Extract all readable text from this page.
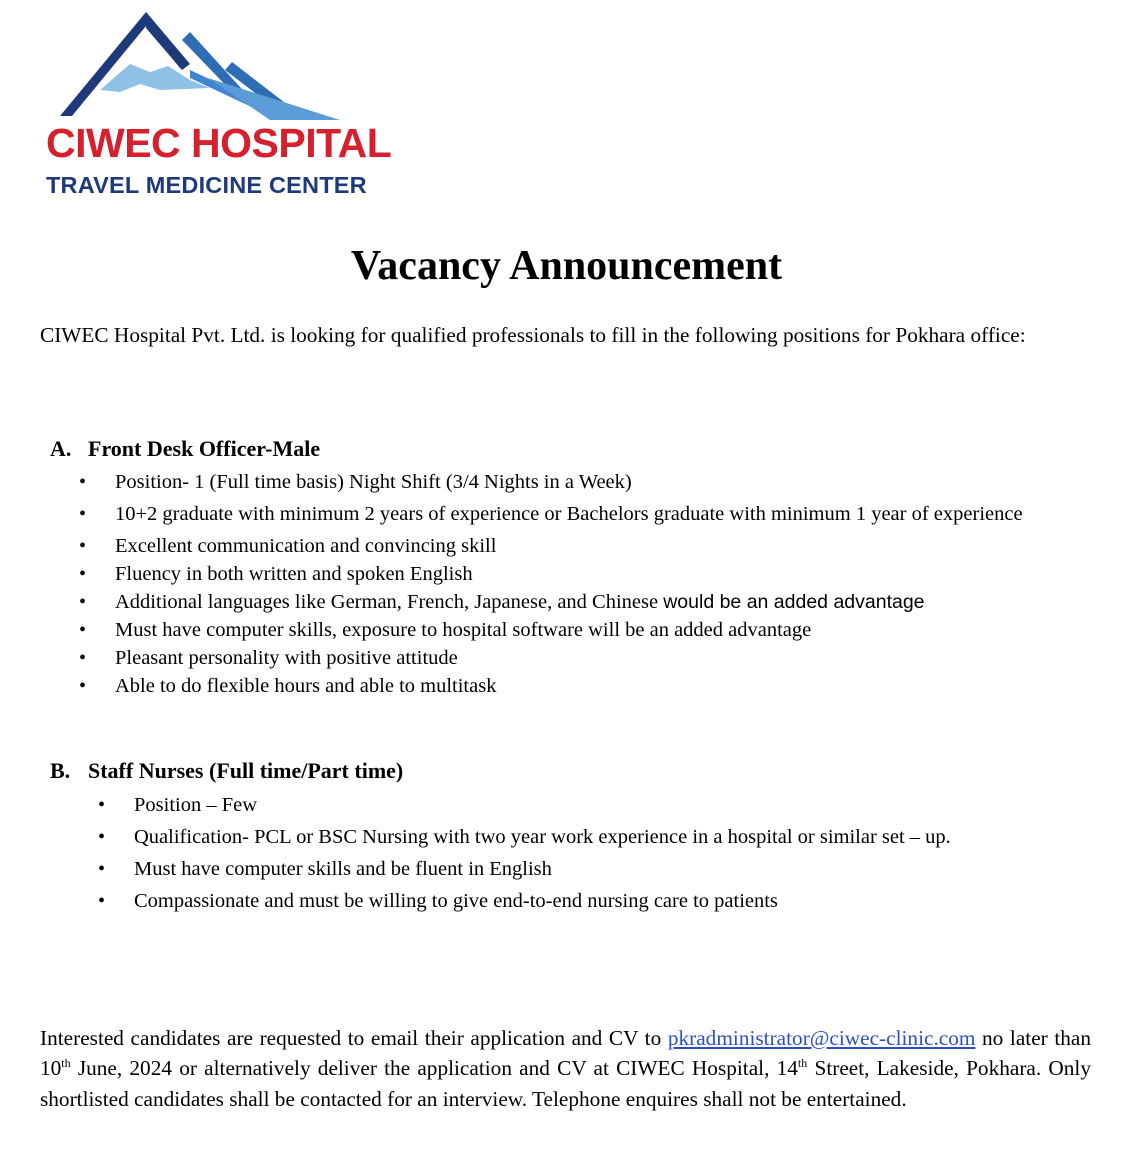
CIWEC HOSPITAL
TRAVEL MEDICINE CENTER
Vacancy Announcement
CIWEC Hospital Pvt. Ltd. is looking for qualified professionals to fill in the following positions for Pokhara office:
A. Front Desk Officer-Male
• Position- 1 (Full time basis) Night Shift (3/4 Nights in a Week)
• 10+2 graduate with minimum 2 years of experience or Bachelors graduate with minimum 1 year of experience
• Excellent communication and convincing skill
• Fluency in both written and spoken English
• Additional languages like German, French, Japanese, and Chinese would be an added advantage
• Must have computer skills, exposure to hospital software will be an added advantage
• Pleasant personality with positive attitude
• Able to do flexible hours and able to multitask
B. Staff Nurses (Full time/Part time)
• Position – Few
• Qualification- PCL or BSC Nursing with two year work experience in a hospital or similar set – up.
• Must have computer skills and be fluent in English
• Compassionate and must be willing to give end-to-end nursing care to patients
Interested candidates are requested to email their application and CV to pkradministrator@ciwec-clinic.com no later than 10th June, 2024 or alternatively deliver the application and CV at CIWEC Hospital, 14th Street, Lakeside, Pokhara. Only shortlisted candidates shall be contacted for an interview. Telephone enquires shall not be entertained.
